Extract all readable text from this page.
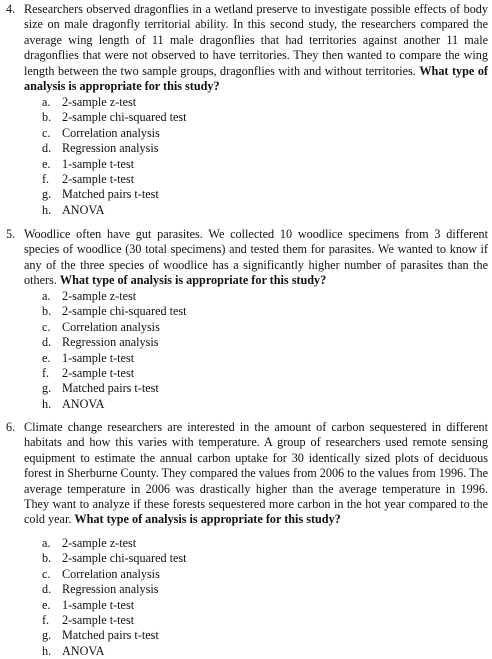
4. Researchers observed dragonflies in a wetland preserve to investigate possible effects of body size on male dragonfly territorial ability. In this second study, the researchers compared the average wing length of 11 male dragonflies that had territories against another 11 male dragonflies that were not observed to have territories. They then wanted to compare the wing length between the two sample groups, dragonflies with and without territories. What type of analysis is appropriate for this study?
a. 2-sample z-test
b. 2-sample chi-squared test
c. Correlation analysis
d. Regression analysis
e. 1-sample t-test
f. 2-sample t-test
g. Matched pairs t-test
h. ANOVA
5. Woodlice often have gut parasites. We collected 10 woodlice specimens from 3 different species of woodlice (30 total specimens) and tested them for parasites. We wanted to know if any of the three species of woodlice has a significantly higher number of parasites than the others. What type of analysis is appropriate for this study?
a. 2-sample z-test
b. 2-sample chi-squared test
c. Correlation analysis
d. Regression analysis
e. 1-sample t-test
f. 2-sample t-test
g. Matched pairs t-test
h. ANOVA
6. Climate change researchers are interested in the amount of carbon sequestered in different habitats and how this varies with temperature. A group of researchers used remote sensing equipment to estimate the annual carbon uptake for 30 identically sized plots of deciduous forest in Sherburne County. They compared the values from 2006 to the values from 1996. The average temperature in 2006 was drastically higher than the average temperature in 1996. They want to analyze if these forests sequestered more carbon in the hot year compared to the cold year. What type of analysis is appropriate for this study?
a. 2-sample z-test
b. 2-sample chi-squared test
c. Correlation analysis
d. Regression analysis
e. 1-sample t-test
f. 2-sample t-test
g. Matched pairs t-test
h. ANOVA
